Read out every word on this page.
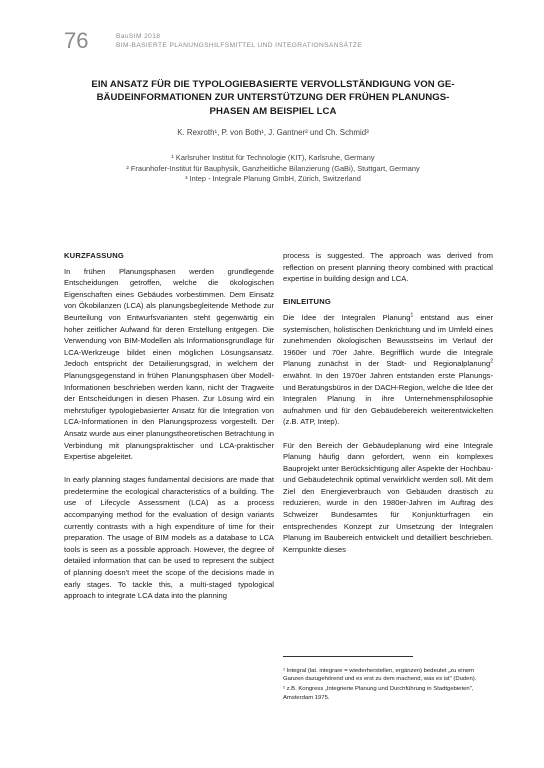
76	BauSIM 2018
BIM-BASIERTE PLANUNGSHILFSMITTEL UND INTEGRATIONSANSÄTZE
EIN ANSATZ FÜR DIE TYPOLOGIEBASIERTE VERVOLLSTÄNDIGUNG VON GE-
BÄUDEINFORMATIONEN ZUR UNTERSTÜTZUNG DER FRÜHEN PLANUNGS-
PHASEN AM BEISPIEL LCA
K. Rexroth¹, P. von Both¹, J. Gantner² und Ch. Schmid³
¹ Karlsruher Institut für Technologie (KIT), Karlsruhe, Germany
² Fraunhofer-Institut für Bauphysik, Ganzheitliche Bilanzierung (GaBi), Stuttgart, Germany
³ Intep - Integrale Planung GmbH, Zürich, Switzerland
KURZFASSUNG

In frühen Planungsphasen werden grundlegende Entscheidungen getroffen, welche die ökologischen Eigenschaften eines Gebäudes vorbestimmen. Dem Einsatz von Ökobilanzen (LCA) als planungsbegleitende Methode zur Beurteilung von Entwurfsvarianten steht gegenwärtig ein hoher zeitlicher Aufwand für deren Erstellung entgegen. Die Verwendung von BIM-Modellen als Informationsgrundlage für LCA-Werkzeuge bildet einen möglichen Lösungsansatz. Jedoch entspricht der Detailierungsgrad, in welchem der Planungsgegenstand in frühen Planungsphasen über Modell-Informationen beschrieben werden kann, nicht der Tragweite der Entscheidungen in diesen Phasen. Zur Lösung wird ein mehrstufiger typologiebasierter Ansatz für die Integration von LCA-Informationen in den Planungsprozess vorgestellt. Der Ansatz wurde aus einer planungstheoretischen Betrachtung in Verbindung mit planungspraktischer und LCA-praktischer Expertise abgeleitet.

In early planning stages fundamental decisions are made that predetermine the ecological characteristics of a building. The use of Lifecycle Assessment (LCA) as a process accompanying method for the evaluation of design variants currently contrasts with a high expenditure of time for their preparation. The usage of BIM models as a database to LCA tools is seen as a possible approach. However, the degree of detailed information that can be used to represent the subject of planning doesn't meet the scope of the decisions made in early stages. To tackle this, a multi-staged typological approach to integrate LCA data into the planning

process is suggested. The approach was derived from reflection on present planning theory combined with practical expertise in building design and LCA.

EINLEITUNG

Die Idee der Integralen Planung$^1$ entstand aus einer systemischen, holistischen Denkrichtung und im Umfeld eines zunehmenden ökologischen Bewusstseins im Verlauf der 1960er und 70er Jahre. Begrifflich wurde die Integrale Planung zunächst in der Stadt- und Regionalplanung$^2$ erwähnt. In den 1970er Jahren entstanden erste Planungs- und Beratungsbüros in der DACH-Region, welche die Idee der Integralen Planung in ihre Unternehmensphilosophie aufnahmen und für den Gebäudebereich weiterentwickelten (z.B. ATP, Intep).

Für den Bereich der Gebäudeplanung wird eine Integrale Planung häufig dann gefordert, wenn ein komplexes Bauprojekt unter Berücksichtigung aller Aspekte der Hochbau- und Gebäudetechnik optimal verwirklicht werden soll. Mit dem Ziel den Energieverbrauch von Gebäuden drastisch zu reduzieren, wurde in den 1980er-Jahren im Auftrag des Schweizer Bundesamtes für Konjunkturfragen ein entsprechendes Konzept zur Umsetzung der Integralen Planung im Baubereich entwickelt und detailliert beschrieben. Kernpunkte dieses

¹ Integral (lat. integrare = wiederherstellen, ergänzen) bedeutet „zu einem Ganzen dazugehörend und es erst zu dem machend, was es ist" (Duden).
² z.B. Kongress „Integrierte Planung und Durchführung in Stadtgebieten", Amsterdam 1975.
